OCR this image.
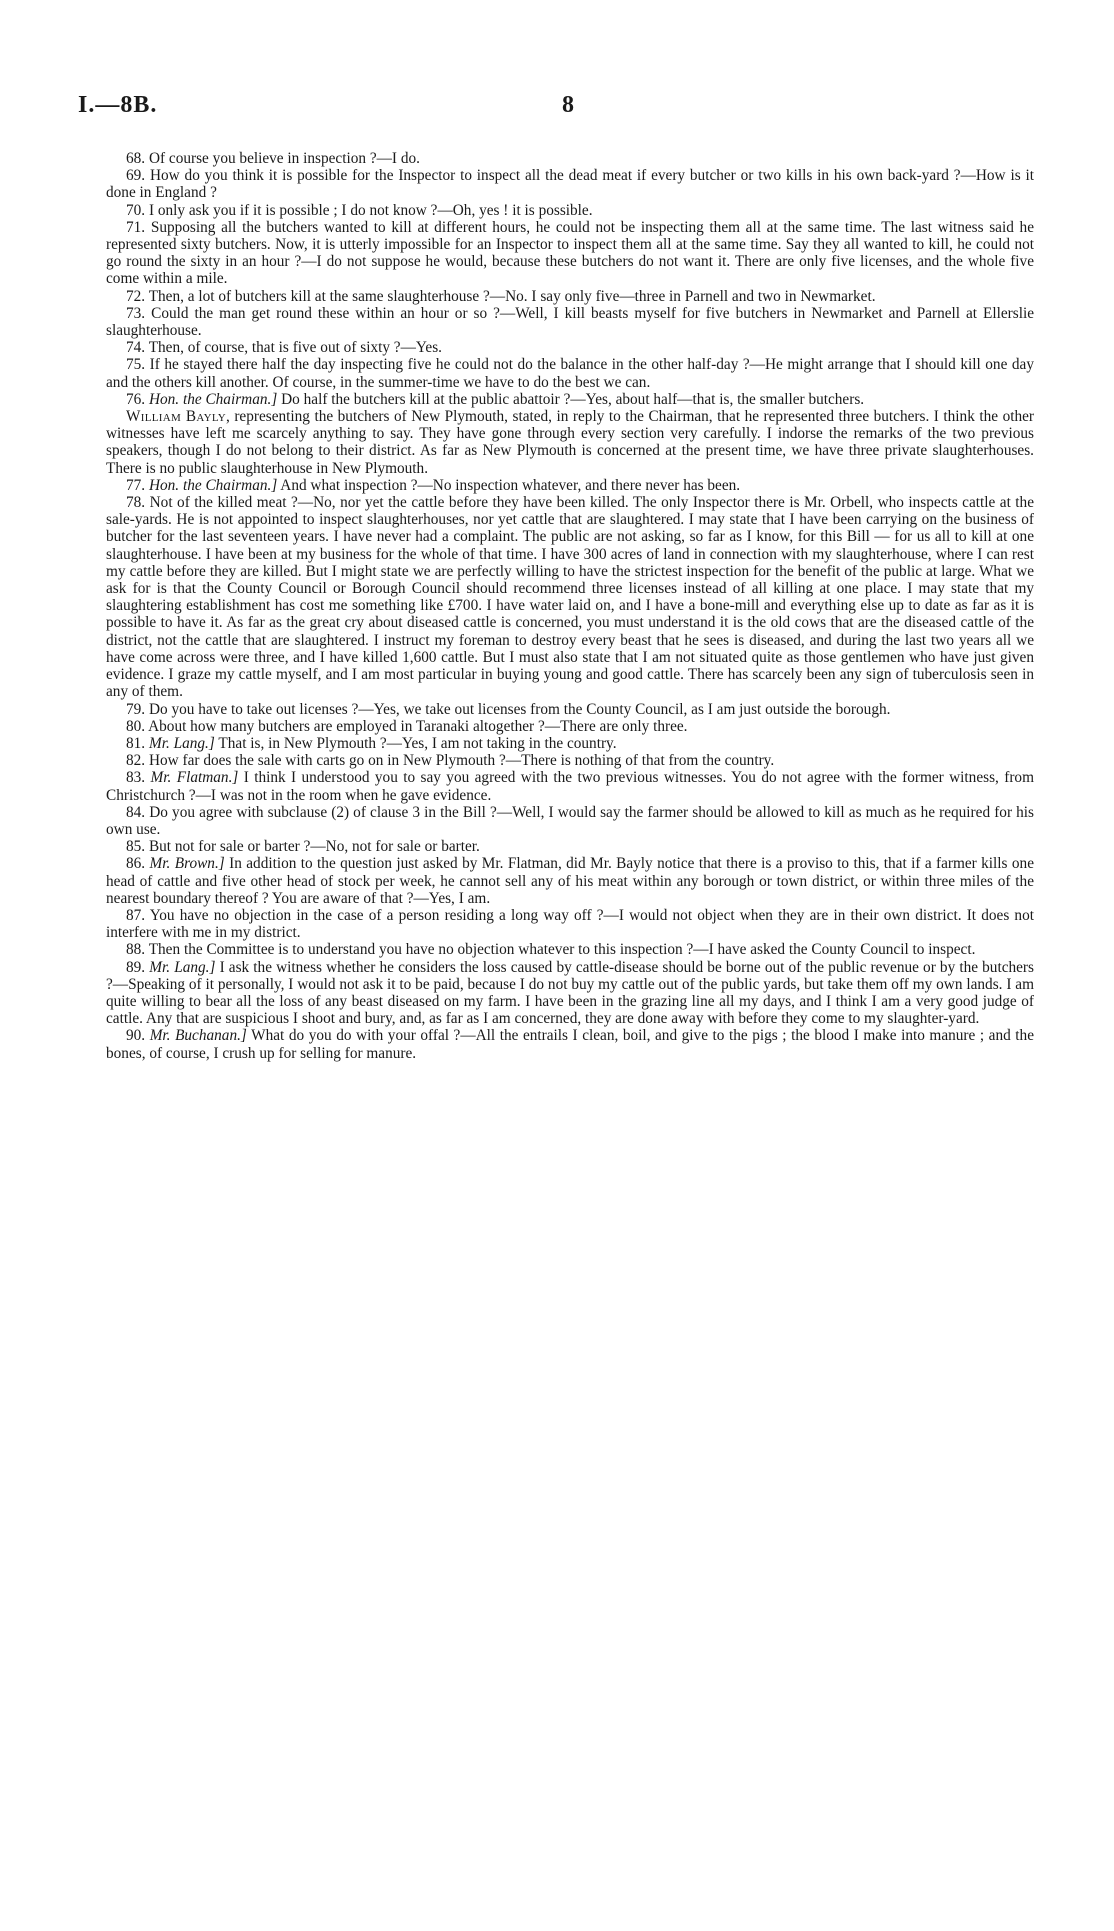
I.—8B.	8

68. Of course you believe in inspection ?—I do.

69. How do you think it is possible for the Inspector to inspect all the dead meat if every butcher or two kills in his own back-yard ?—How is it done in England ?

70. I only ask you if it is possible ; I do not know ?—Oh, yes ! it is possible.

71. Supposing all the butchers wanted to kill at different hours, he could not be inspecting them all at the same time. The last witness said he represented sixty butchers. Now, it is utterly impossible for an Inspector to inspect them all at the same time. Say they all wanted to kill, he could not go round the sixty in an hour ?—I do not suppose he would, because these butchers do not want it. There are only five licenses, and the whole five come within a mile.

72. Then, a lot of butchers kill at the same slaughterhouse ?—No. I say only five—three in Parnell and two in Newmarket.

73. Could the man get round these within an hour or so ?—Well, I kill beasts myself for five butchers in Newmarket and Parnell at Ellerslie slaughterhouse.

74. Then, of course, that is five out of sixty ?—Yes.

75. If he stayed there half the day inspecting five he could not do the balance in the other half-day ?—He might arrange that I should kill one day and the others kill another. Of course, in the summer-time we have to do the best we can.

76. Hon. the Chairman.] Do half the butchers kill at the public abattoir ?—Yes, about half—that is, the smaller butchers.

William Bayly, representing the butchers of New Plymouth, stated, in reply to the Chairman, that he represented three butchers. I think the other witnesses have left me scarcely anything to say. They have gone through every section very carefully. I indorse the remarks of the two previous speakers, though I do not belong to their district. As far as New Plymouth is concerned at the present time, we have three private slaughterhouses. There is no public slaughterhouse in New Plymouth.

77. Hon. the Chairman.] And what inspection ?—No inspection whatever, and there never has been.

78. Not of the killed meat ?—No, nor yet the cattle before they have been killed. The only Inspector there is Mr. Orbell, who inspects cattle at the sale-yards. He is not appointed to inspect slaughterhouses, nor yet cattle that are slaughtered. I may state that I have been carrying on the business of butcher for the last seventeen years. I have never had a complaint. The public are not asking, so far as I know, for this Bill — for us all to kill at one slaughterhouse. I have been at my business for the whole of that time. I have 300 acres of land in connection with my slaughterhouse, where I can rest my cattle before they are killed. But I might state we are perfectly willing to have the strictest inspection for the benefit of the public at large. What we ask for is that the County Council or Borough Council should recommend three licenses instead of all killing at one place. I may state that my slaughtering establishment has cost me something like £700. I have water laid on, and I have a bone-mill and everything else up to date as far as it is possible to have it. As far as the great cry about diseased cattle is concerned, you must understand it is the old cows that are the diseased cattle of the district, not the cattle that are slaughtered. I instruct my foreman to destroy every beast that he sees is diseased, and during the last two years all we have come across were three, and I have killed 1,600 cattle. But I must also state that I am not situated quite as those gentlemen who have just given evidence. I graze my cattle myself, and I am most particular in buying young and good cattle. There has scarcely been any sign of tuberculosis seen in any of them.

79. Do you have to take out licenses ?—Yes, we take out licenses from the County Council, as I am just outside the borough.

80. About how many butchers are employed in Taranaki altogether ?—There are only three.

81. Mr. Lang.] That is, in New Plymouth ?—Yes, I am not taking in the country.

82. How far does the sale with carts go on in New Plymouth ?—There is nothing of that from the country.

83. Mr. Flatman.] I think I understood you to say you agreed with the two previous witnesses. You do not agree with the former witness, from Christchurch ?—I was not in the room when he gave evidence.

84. Do you agree with subclause (2) of clause 3 in the Bill ?—Well, I would say the farmer should be allowed to kill as much as he required for his own use.

85. But not for sale or barter ?—No, not for sale or barter.

86. Mr. Brown.] In addition to the question just asked by Mr. Flatman, did Mr. Bayly notice that there is a proviso to this, that if a farmer kills one head of cattle and five other head of stock per week, he cannot sell any of his meat within any borough or town district, or within three miles of the nearest boundary thereof ? You are aware of that ?—Yes, I am.

87. You have no objection in the case of a person residing a long way off ?—I would not object when they are in their own district. It does not interfere with me in my district.

88. Then the Committee is to understand you have no objection whatever to this inspection ?—I have asked the County Council to inspect.

89. Mr. Lang.] I ask the witness whether he considers the loss caused by cattle-disease should be borne out of the public revenue or by the butchers ?—Speaking of it personally, I would not ask it to be paid, because I do not buy my cattle out of the public yards, but take them off my own lands. I am quite willing to bear all the loss of any beast diseased on my farm. I have been in the grazing line all my days, and I think I am a very good judge of cattle. Any that are suspicious I shoot and bury, and, as far as I am concerned, they are done away with before they come to my slaughter-yard.

90. Mr. Buchanan.] What do you do with your offal ?—All the entrails I clean, boil, and give to the pigs ; the blood I make into manure ; and the bones, of course, I crush up for selling for manure.
